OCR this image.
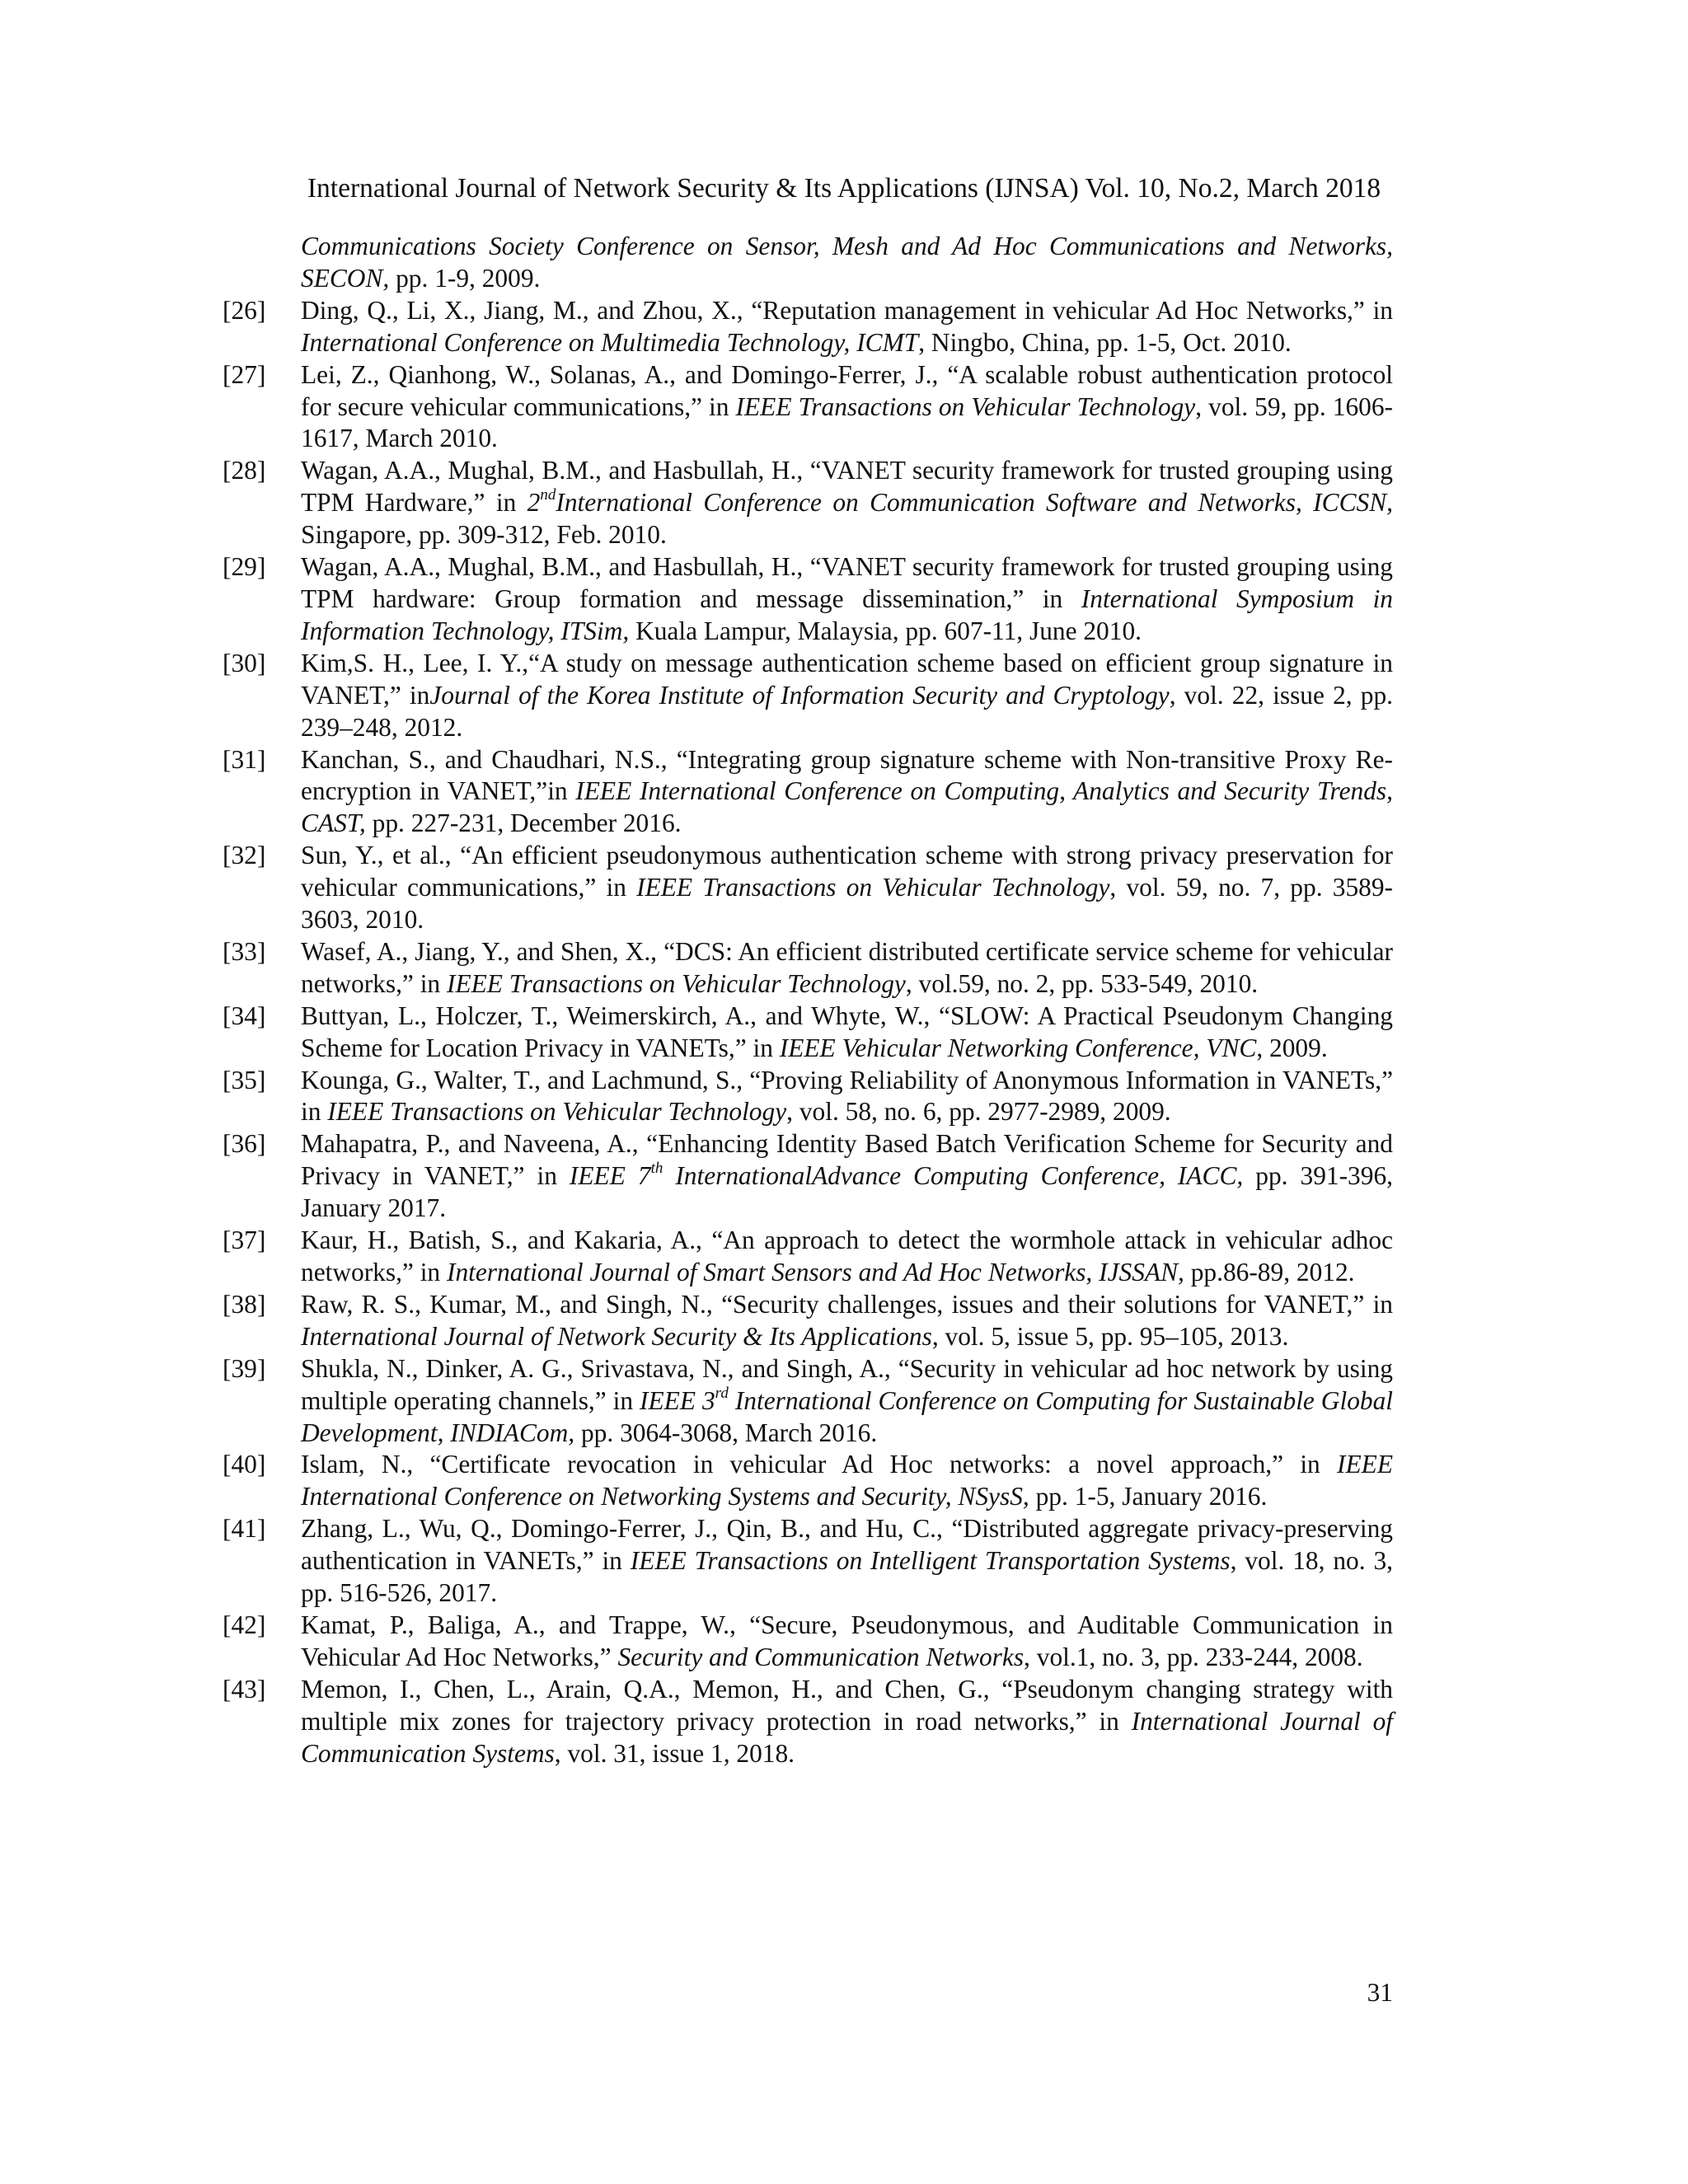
International Journal of Network Security & Its Applications (IJNSA) Vol. 10, No.2, March 2018
Communications Society Conference on Sensor, Mesh and Ad Hoc Communications and Networks, SECON, pp. 1-9, 2009.
[26] Ding, Q., Li, X., Jiang, M., and Zhou, X., “Reputation management in vehicular Ad Hoc Networks,” in International Conference on Multimedia Technology, ICMT, Ningbo, China, pp. 1‑5, Oct. 2010.
[27] Lei, Z., Qianhong, W., Solanas, A., and Domingo‑Ferrer, J., “A scalable robust authentication protocol for secure vehicular communications,” in IEEE Transactions on Vehicular Technology, vol. 59, pp. 1606-1617, March 2010.
[28] Wagan, A.A., Mughal, B.M., and Hasbullah, H., “VANET security framework for trusted grouping using TPM Hardware,” in 2ndInternational Conference on Communication Software and Networks, ICCSN, Singapore, pp. 309‑312, Feb. 2010.
[29] Wagan, A.A., Mughal, B.M., and Hasbullah, H., “VANET security framework for trusted grouping using TPM hardware: Group formation and message dissemination,” in International Symposium in Information Technology, ITSim, Kuala Lampur, Malaysia, pp. 607‑11, June 2010.
[30] Kim,S. H., Lee, I. Y.,“A study on message authentication scheme based on efficient group signature in VANET,” inJournal of the Korea Institute of Information Security and Cryptology, vol. 22, issue 2, pp. 239–248, 2012.
[31] Kanchan, S., and Chaudhari, N.S., “Integrating group signature scheme with Non-transitive Proxy Re-encryption in VANET,”in IEEE International Conference on Computing, Analytics and Security Trends, CAST, pp. 227-231, December 2016.
[32] Sun, Y., et al., “An efficient pseudonymous authentication scheme with strong privacy preservation for vehicular communications,” in IEEE Transactions on Vehicular Technology, vol. 59, no. 7, pp. 3589-3603, 2010.
[33] Wasef, A., Jiang, Y., and Shen, X., “DCS: An efficient distributed certificate service scheme for vehicular networks,” in IEEE Transactions on Vehicular Technology, vol.59, no. 2, pp. 533-549, 2010.
[34] Buttyan, L., Holczer, T., Weimerskirch, A., and Whyte, W., “SLOW: A Practical Pseudonym Changing Scheme for Location Privacy in VANETs,” in IEEE Vehicular Networking Conference, VNC, 2009.
[35] Kounga, G., Walter, T., and Lachmund, S., “Proving Reliability of Anonymous Information in VANETs,” in IEEE Transactions on Vehicular Technology, vol. 58, no. 6, pp. 2977-2989, 2009.
[36] Mahapatra, P., and Naveena, A., “Enhancing Identity Based Batch Verification Scheme for Security and Privacy in VANET,” in IEEE 7th InternationalAdvance Computing Conference, IACC, pp. 391-396, January 2017.
[37] Kaur, H., Batish, S., and Kakaria, A., “An approach to detect the wormhole attack in vehicular adhoc networks,” in International Journal of Smart Sensors and Ad Hoc Networks, IJSSAN, pp.86-89, 2012.
[38] Raw, R. S., Kumar, M., and Singh, N., “Security challenges, issues and their solutions for VANET,” in International Journal of Network Security & Its Applications, vol. 5, issue 5, pp. 95–105, 2013.
[39] Shukla, N., Dinker, A. G., Srivastava, N., and Singh, A., “Security in vehicular ad hoc network by using multiple operating channels,” in IEEE 3rd International Conference on Computing for Sustainable Global Development, INDIACom, pp. 3064-3068, March 2016.
[40] Islam, N., “Certificate revocation in vehicular Ad Hoc networks: a novel approach,” in IEEE International Conference on Networking Systems and Security, NSysS, pp. 1-5, January 2016.
[41] Zhang, L., Wu, Q., Domingo-Ferrer, J., Qin, B., and Hu, C., “Distributed aggregate privacy-preserving authentication in VANETs,” in IEEE Transactions on Intelligent Transportation Systems, vol. 18, no. 3, pp. 516-526, 2017.
[42] Kamat, P., Baliga, A., and Trappe, W., “Secure, Pseudonymous, and Auditable Communication in Vehicular Ad Hoc Networks,” Security and Communication Networks, vol.1, no. 3, pp. 233-244, 2008.
[43] Memon, I., Chen, L., Arain, Q.A., Memon, H., and Chen, G., “Pseudonym changing strategy with multiple mix zones for trajectory privacy protection in road networks,” in International Journal of Communication Systems, vol. 31, issue 1, 2018.
31
